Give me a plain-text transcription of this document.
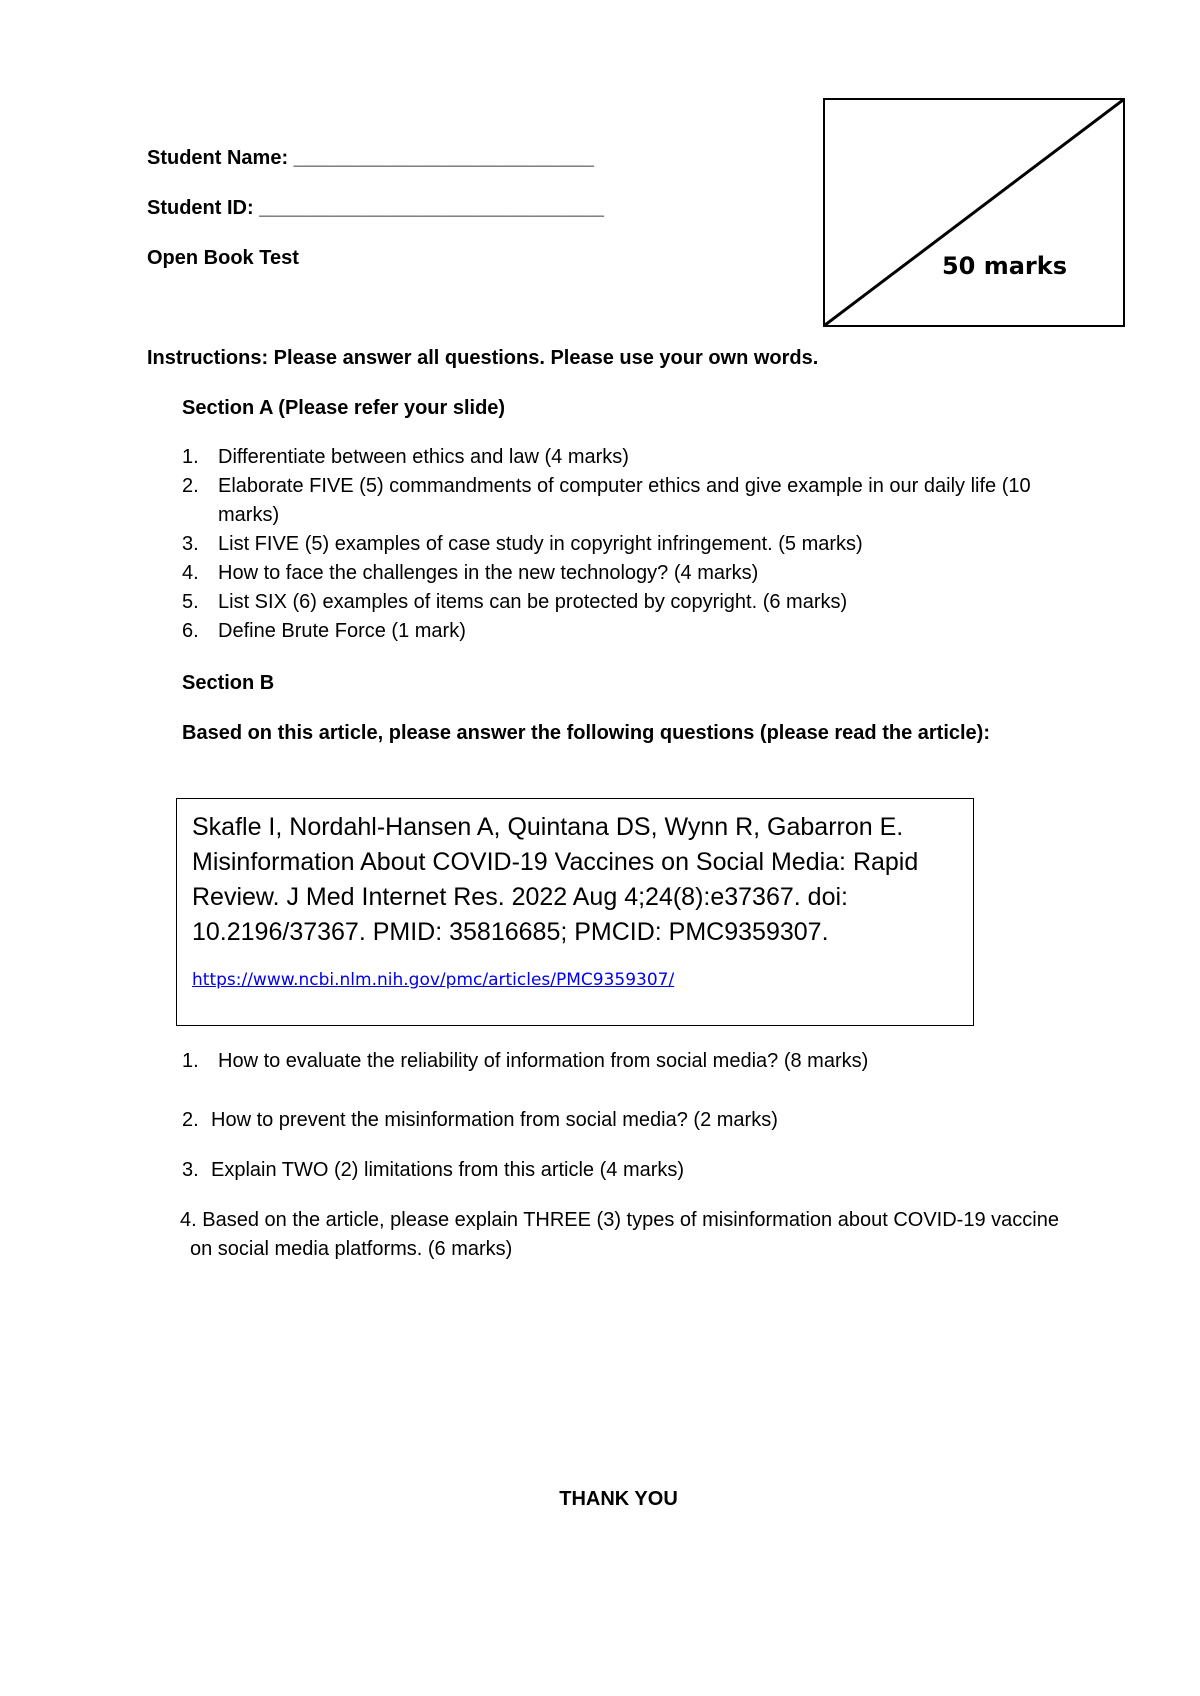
Student Name: ___________________________
Student ID: _______________________________
Open Book Test	50 marks
Instructions: Please answer all questions. Please use your own words.
Section A (Please refer your slide)
1. Differentiate between ethics and law (4 marks)
2. Elaborate FIVE (5) commandments of computer ethics and give example in our daily life (10 marks)
3. List FIVE (5) examples of case study in copyright infringement. (5 marks)
4. How to face the challenges in the new technology? (4 marks)
5. List SIX (6) examples of items can be protected by copyright. (6 marks)
6. Define Brute Force (1 mark)
Section B
Based on this article, please answer the following questions (please read the article):

Skafle I, Nordahl-Hansen A, Quintana DS, Wynn R, Gabarron E. Misinformation About COVID-19 Vaccines on Social Media: Rapid Review. J Med Internet Res. 2022 Aug 4;24(8):e37367. doi: 10.2196/37367. PMID: 35816685; PMCID: PMC9359307.

https://www.ncbi.nlm.nih.gov/pmc/articles/PMC9359307/
1. How to evaluate the reliability of information from social media? (8 marks)
2. How to prevent the misinformation from social media? (2 marks)
3. Explain TWO (2) limitations from this article (4 marks)
4. Based on the article, please explain THREE (3) types of misinformation about COVID-19 vaccine on social media platforms. (6 marks)
THANK YOU
